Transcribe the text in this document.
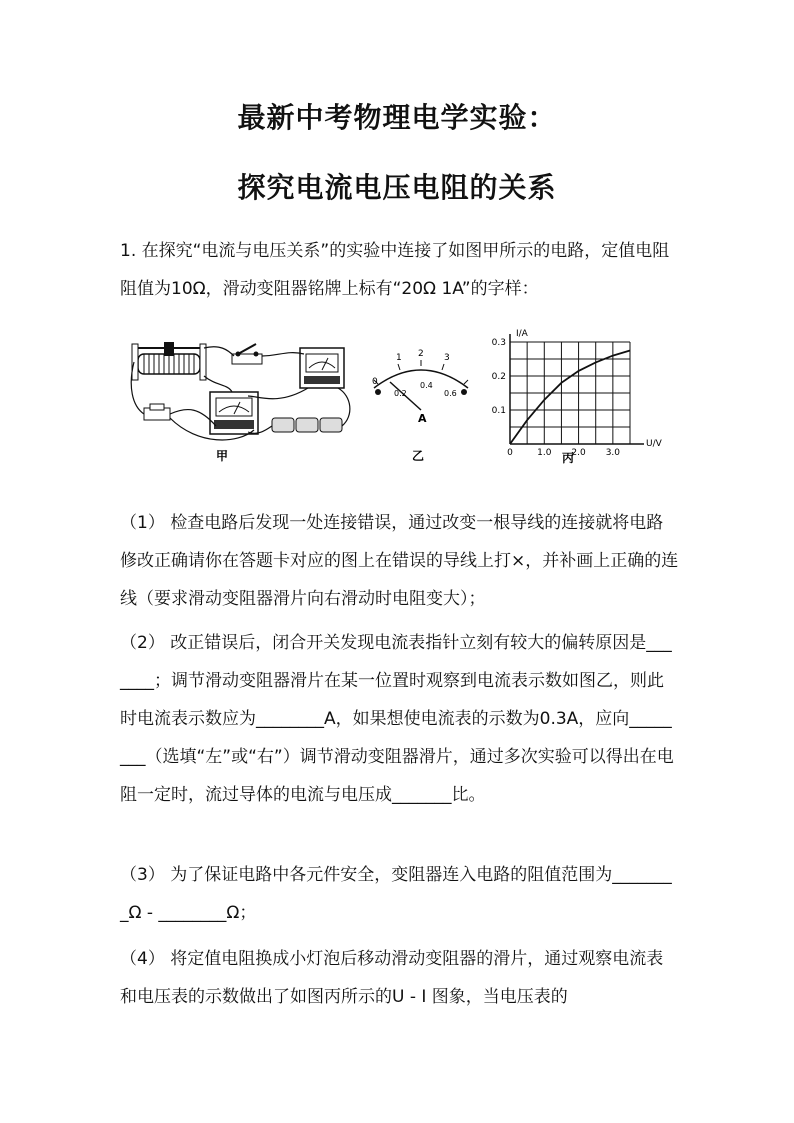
最新中考物理电学实验：
探究电流电压电阻的关系
1. 在探究“电流与电压关系”的实验中连接了如图甲所示的电路，定值电阻阻值为10Ω，滑动变阻器铭牌上标有“20Ω 1A”的字样：
甲
0
1 2 3
0.2
0.4
0.6
A
乙	0	1.0 2.0 3.0
0.1
0.2
0.3
I/A
U/V
丙
（1） 检查电路后发现一处连接错误，通过改变一根导线的连接就将电路修改正确请你在答题卡对应的图上在错误的导线上打×，并补画上正确的连线（要求滑动变阻器滑片向右滑动时电阻变大）；
（2） 改正错误后，闭合开关发现电流表指针立刻有较大的偏转原因是_______；调节滑动变阻器滑片在某一位置时观察到电流表示数如图乙，则此时电流表示数应为________A，如果想使电流表的示数为0.3A，应向________（选填“左”或“右”）调节滑动变阻器滑片，通过多次实验可以得出在电阻一定时，流过导体的电流与电压成_______比。
（3） 为了保证电路中各元件安全，变阻器连入电路的阻值范围为________Ω - ________Ω；
（4） 将定值电阻换成小灯泡后移动滑动变阻器的滑片，通过观察电流表和电压表的示数做出了如图丙所示的U - I 图象，当电压表的
